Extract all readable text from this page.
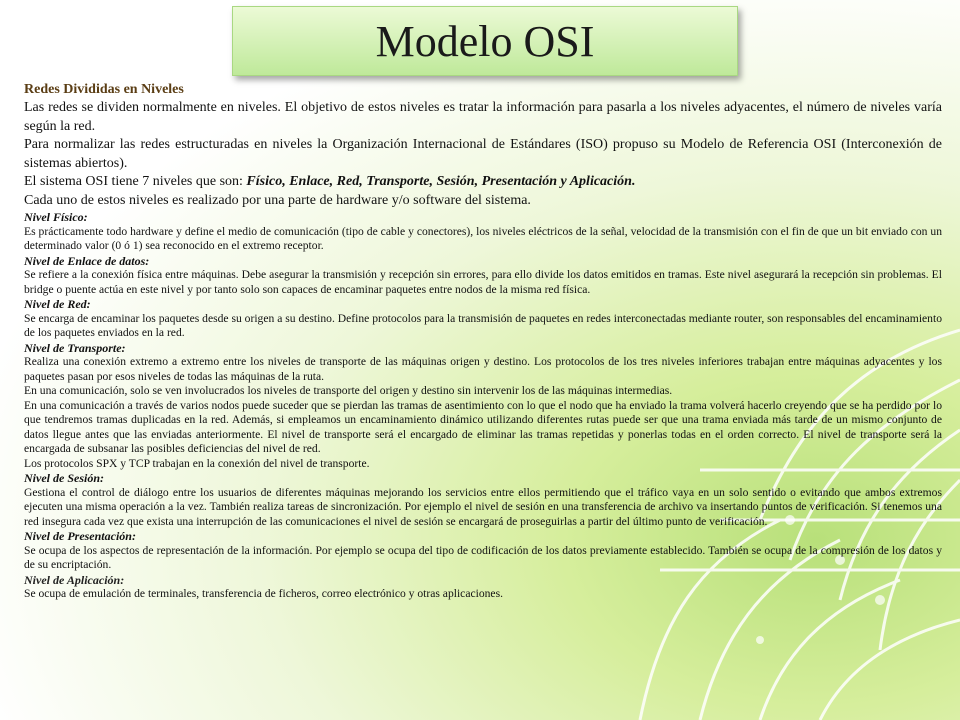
Modelo OSI
Redes Divididas en Niveles

Las redes se dividen normalmente en niveles. El objetivo de estos niveles es tratar la información para pasarla a los niveles adyacentes, el número de niveles varía según la red.

Para normalizar las redes estructuradas en niveles la Organización Internacional de Estándares (ISO) propuso su Modelo de Referencia OSI (Interconexión de sistemas abiertos).

El sistema OSI tiene 7 niveles que son: Físico, Enlace, Red, Transporte, Sesión, Presentación y Aplicación.

Cada uno de estos niveles es realizado por una parte de hardware y/o software del sistema.

Nivel Físico:

Es prácticamente todo hardware y define el medio de comunicación (tipo de cable y conectores), los niveles eléctricos de la señal, velocidad de la transmisión con el fin de que un bit enviado con un determinado valor (0 ó 1) sea reconocido en el extremo receptor.

Nivel de Enlace de datos:

Se refiere a la conexión física entre máquinas. Debe asegurar la transmisión y recepción sin errores, para ello divide los datos emitidos en tramas. Este nivel asegurará la recepción sin problemas. El bridge o puente actúa en este nivel y por tanto solo son capaces de encaminar paquetes entre nodos de la misma red física.

Nivel de Red:

Se encarga de encaminar los paquetes desde su origen a su destino. Define protocolos para la transmisión de paquetes en redes interconectadas mediante router, son responsables del encaminamiento de los paquetes enviados en la red.

Nivel de Transporte:

Realiza una conexión extremo a extremo entre los niveles de transporte de las máquinas origen y destino. Los protocolos de los tres niveles inferiores trabajan entre máquinas adyacentes y los paquetes pasan por esos niveles de todas las máquinas de la ruta.

En una comunicación, solo se ven involucrados los niveles de transporte del origen y destino sin intervenir los de las máquinas intermedias.

En una comunicación a través de varios nodos puede suceder que se pierdan las tramas de asentimiento con lo que el nodo que ha enviado la trama volverá hacerlo creyendo que se ha perdido por lo que tendremos tramas duplicadas en la red. Además, si empleamos un encaminamiento dinámico utilizando diferentes rutas puede ser que una trama enviada más tarde de un mismo conjunto de datos llegue antes que las enviadas anteriormente. El nivel de transporte será el encargado de eliminar las tramas repetidas y ponerlas todas en el orden correcto. El nivel de transporte será la encargada de subsanar las posibles deficiencias del nivel de red.

Los protocolos SPX y TCP trabajan en la conexión del nivel de transporte.

Nivel de Sesión:

Gestiona el control de diálogo entre los usuarios de diferentes máquinas mejorando los servicios entre ellos permitiendo que el tráfico vaya en un solo sentido o evitando que ambos extremos ejecuten una misma operación a la vez. También realiza tareas de sincronización. Por ejemplo el nivel de sesión en una transferencia de archivo va insertando puntos de verificación. Si tenemos una red insegura cada vez que exista una interrupción de las comunicaciones el nivel de sesión se encargará de proseguirlas a partir del último punto de verificación.

Nivel de Presentación:

Se ocupa de los aspectos de representación de la información. Por ejemplo se ocupa del tipo de codificación de los datos previamente establecido. También se ocupa de la compresión de los datos y de su encriptación.

Nivel de Aplicación:

Se ocupa de emulación de terminales, transferencia de ficheros, correo electrónico y otras aplicaciones.
